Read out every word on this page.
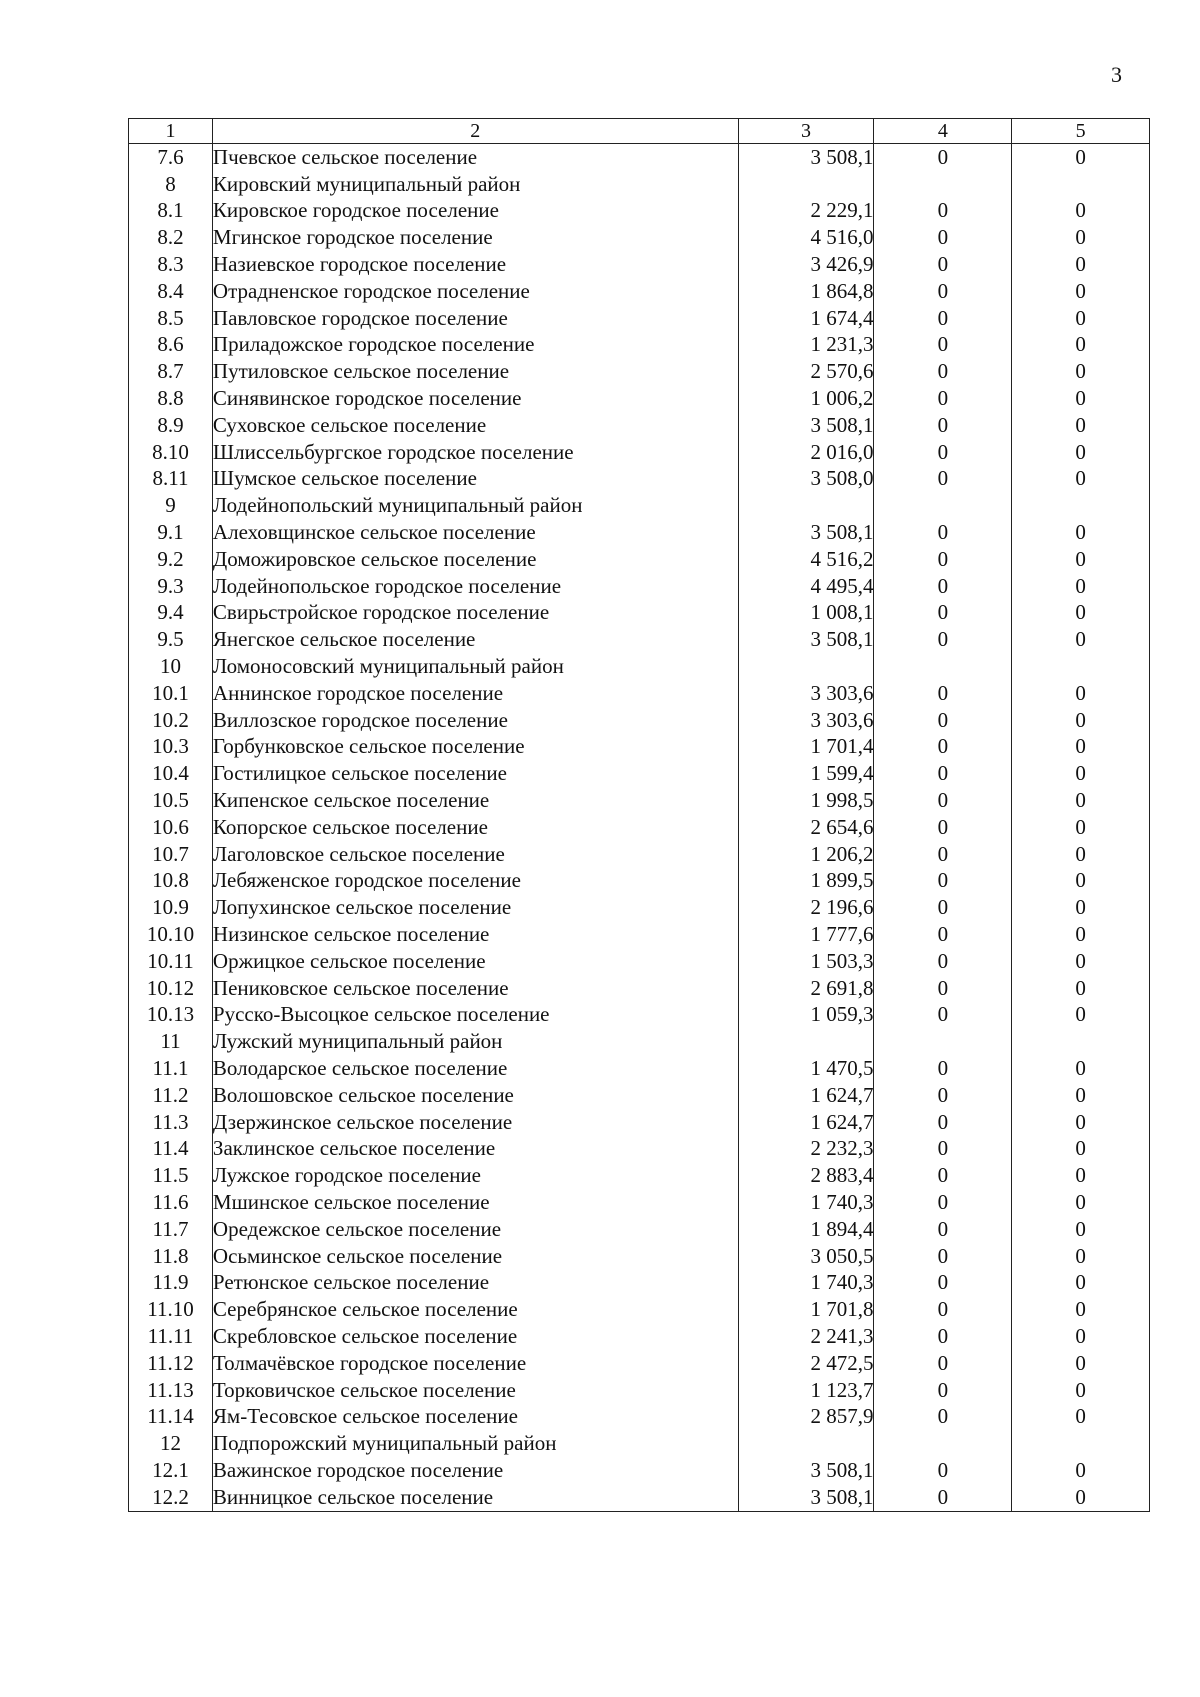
3
1	2	3	4	5
7.6	Пчевское сельское поселение	3 508,1	0	0
8	Кировский муниципальный район			
8.1	Кировское городское поселение	2 229,1	0	0
8.2	Мгинское городское поселение	4 516,0	0	0
8.3	Назиевское городское поселение	3 426,9	0	0
8.4	Отрадненское городское поселение	1 864,8	0	0
8.5	Павловское городское поселение	1 674,4	0	0
8.6	Приладожское городское поселение	1 231,3	0	0
8.7	Путиловское сельское поселение	2 570,6	0	0
8.8	Синявинское городское поселение	1 006,2	0	0
8.9	Суховское сельское поселение	3 508,1	0	0
8.10	Шлиссельбургское городское поселение	2 016,0	0	0
8.11	Шумское сельское поселение	3 508,0	0	0
9	Лодейнопольский муниципальный район			
9.1	Алеховщинское сельское поселение	3 508,1	0	0
9.2	Доможировское сельское поселение	4 516,2	0	0
9.3	Лодейнопольское городское поселение	4 495,4	0	0
9.4	Свирьстройское городское поселение	1 008,1	0	0
9.5	Янегское сельское поселение	3 508,1	0	0
10	Ломоносовский муниципальный район			
10.1	Аннинское городское поселение	3 303,6	0	0
10.2	Виллозское городское поселение	3 303,6	0	0
10.3	Горбунковское сельское поселение	1 701,4	0	0
10.4	Гостилицкое сельское поселение	1 599,4	0	0
10.5	Кипенское сельское поселение	1 998,5	0	0
10.6	Копорское сельское поселение	2 654,6	0	0
10.7	Лаголовское сельское поселение	1 206,2	0	0
10.8	Лебяженское городское поселение	1 899,5	0	0
10.9	Лопухинское сельское поселение	2 196,6	0	0
10.10	Низинское сельское поселение	1 777,6	0	0
10.11	Оржицкое сельское поселение	1 503,3	0	0
10.12	Пениковское сельское поселение	2 691,8	0	0
10.13	Русско-Высоцкое сельское поселение	1 059,3	0	0
11	Лужский муниципальный район			
11.1	Володарское сельское поселение	1 470,5	0	0
11.2	Волошовское сельское поселение	1 624,7	0	0
11.3	Дзержинское сельское поселение	1 624,7	0	0
11.4	Заклинское сельское поселение	2 232,3	0	0
11.5	Лужское городское поселение	2 883,4	0	0
11.6	Мшинское сельское поселение	1 740,3	0	0
11.7	Оредежское сельское поселение	1 894,4	0	0
11.8	Осьминское сельское поселение	3 050,5	0	0
11.9	Ретюнское сельское поселение	1 740,3	0	0
11.10	Серебрянское сельское поселение	1 701,8	0	0
11.11	Скребловское сельское поселение	2 241,3	0	0
11.12	Толмачёвское городское поселение	2 472,5	0	0
11.13	Торковичское сельское поселение	1 123,7	0	0
11.14	Ям-Тесовское сельское поселение	2 857,9	0	0
12	Подпорожский муниципальный район			
12.1	Важинское городское поселение	3 508,1	0	0
12.2	Винницкое сельское поселение	3 508,1	0	0
